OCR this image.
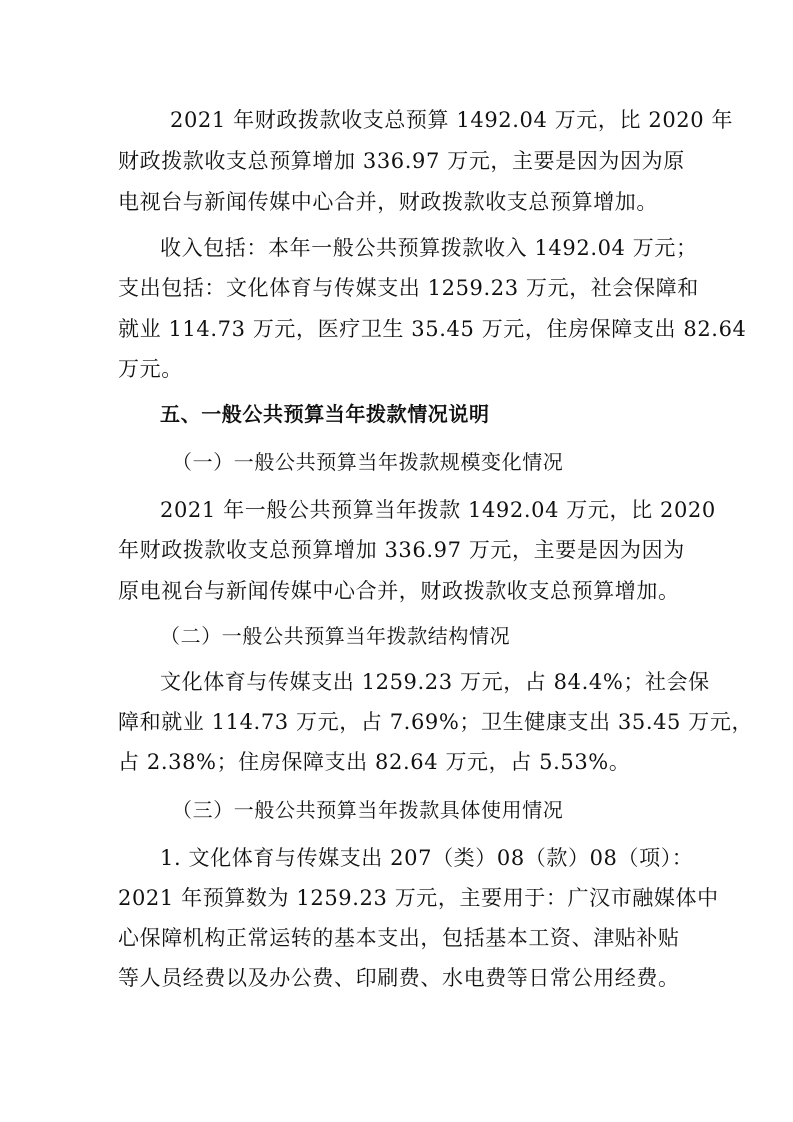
2021 年财政拨款收支总预算 1492.04 万元，比 2020 年
财政拨款收支总预算增加 336.97 万元，主要是因为因为原
电视台与新闻传媒中心合并，财政拨款收支总预算增加。
收入包括：本年一般公共预算拨款收入 1492.04 万元；
支出包括：文化体育与传媒支出 1259.23 万元，社会保障和
就业 114.73 万元，医疗卫生 35.45 万元，住房保障支出 82.64
万元。
五、一般公共预算当年拨款情况说明
（一）一般公共预算当年拨款规模变化情况
2021 年一般公共预算当年拨款 1492.04 万元，比 2020
年财政拨款收支总预算增加 336.97 万元，主要是因为因为
原电视台与新闻传媒中心合并，财政拨款收支总预算增加。
（二）一般公共预算当年拨款结构情况
文化体育与传媒支出 1259.23 万元，占 84.4%；社会保
障和就业 114.73 万元，占 7.69%；卫生健康支出 35.45 万元，
占 2.38%；住房保障支出 82.64 万元，占 5.53%。
（三）一般公共预算当年拨款具体使用情况
1. 文化体育与传媒支出 207（类）08（款）08（项）：
2021 年预算数为 1259.23 万元，主要用于：广汉市融媒体中
心保障机构正常运转的基本支出，包括基本工资、津贴补贴
等人员经费以及办公费、印刷费、水电费等日常公用经费。
